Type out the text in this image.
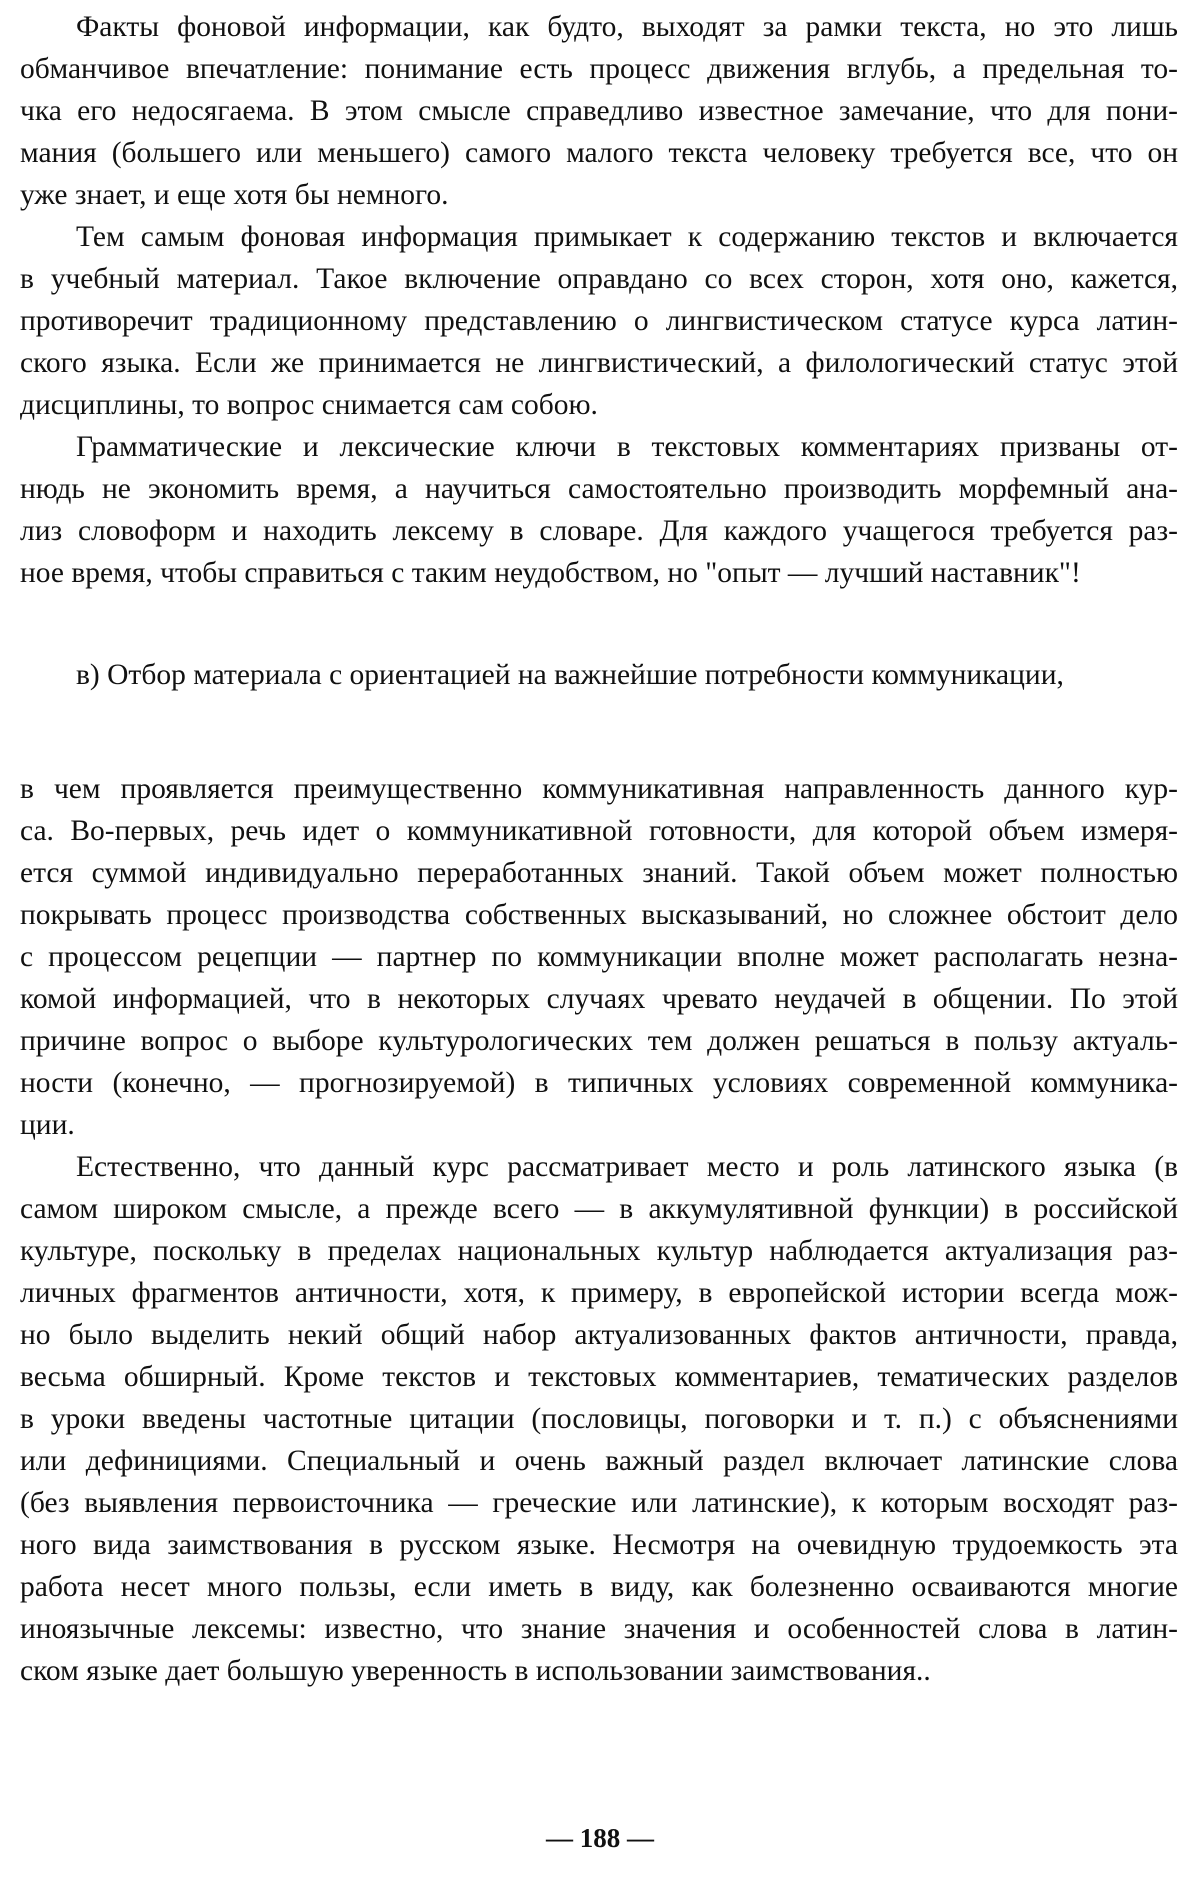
Факты фоновой информации, как будто, выходят за рамки текста, но это лишь
обманчивое впечатление: понимание есть процесс движения вглубь, а предельная то-
чка его недосягаема. В этом смысле справедливо известное замечание, что для пони-
мания (большего или меньшего) самого малого текста человеку требуется все, что он
уже знает, и еще хотя бы немного.
Тем самым фоновая информация примыкает к содержанию текстов и включается
в учебный материал. Такое включение оправдано со всех сторон, хотя оно, кажется,
противоречит традиционному представлению о лингвистическом статусе курса латин-
ского языка. Если же принимается не лингвистический, а филологический статус этой
дисциплины, то вопрос снимается сам собою.
Грамматические и лексические ключи в текстовых комментариях призваны от-
нюдь не экономить время, а научиться самостоятельно производить морфемный ана-
лиз словоформ и находить лексему в словаре. Для каждого учащегося требуется раз-
ное время, чтобы справиться с таким неудобством, но "опыт — лучший наставник"!
в) Отбор материала с ориентацией на важнейшие потребности коммуникации,
в чем проявляется преимущественно коммуникативная направленность данного кур-
са. Во-первых, речь идет о коммуникативной готовности, для которой объем измеря-
ется суммой индивидуально переработанных знаний. Такой объем может полностью
покрывать процесс производства собственных высказываний, но сложнее обстоит дело
с процессом рецепции — партнер по коммуникации вполне может располагать незна-
комой информацией, что в некоторых случаях чревато неудачей в общении. По этой
причине вопрос о выборе культурологических тем должен решаться в пользу актуаль-
ности (конечно, — прогнозируемой) в типичных условиях современной коммуника-
ции.
Естественно, что данный курс рассматривает место и роль латинского языка (в
самом широком смысле, а прежде всего — в аккумулятивной функции) в российской
культуре, поскольку в пределах национальных культур наблюдается актуализация раз-
личных фрагментов античности, хотя, к примеру, в европейской истории всегда мож-
но было выделить некий общий набор актуализованных фактов античности, правда,
весьма обширный. Кроме текстов и текстовых комментариев, тематических разделов
в уроки введены частотные цитации (пословицы, поговорки и т. п.) с объяснениями
или дефинициями. Специальный и очень важный раздел включает латинские слова
(без выявления первоисточника — греческие или латинские), к которым восходят раз-
ного вида заимствования в русском языке. Несмотря на очевидную трудоемкость эта
работа несет много пользы, если иметь в виду, как болезненно осваиваются многие
иноязычные лексемы: известно, что знание значения и особенностей слова в латин-
ском языке дает большую уверенность в использовании заимствования..
— 188 —
